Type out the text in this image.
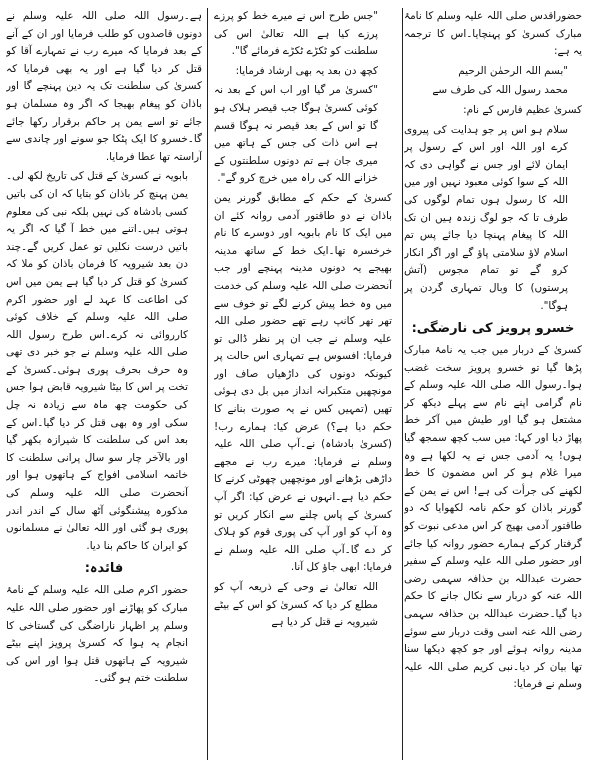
حضوراقدس صلی اللہ علیہ وسلم کا نامۂ مبارک کسریٰ کو پہنچایا۔اس کا ترجمہ یہ ہے:

"بسم اللہ الرحمٰن الرحیم

محمد رسول اللہ کی طرف سے

کسریٰ عظیم فارس کے نام:

سلام ہو اس پر جو ہدایت کی پیروی کرے اور اللہ اور اس کے رسول پر ایمان لائے اور جس نے گواہی دی کہ اللہ کے سوا کوئی معبود نہیں اور میں اللہ کا رسول ہوں تمام لوگوں کی طرف تا کہ جو لوگ زندہ ہیں ان تک اللہ کا پیغام پہنچا دیا جائے پس تم اسلام لاؤ سلامتی پاؤ گے اور اگر انکار کرو گے تو تمام مجوس (آتش پرستوں) کا وبال تمہاری گردن پر ہوگا".

خسرو پرویز کی نارضگی:

کسریٰ کے دربار میں جب یہ نامۂ مبارک پڑھا گیا تو خسرو پرویز سخت غضب ہوا۔رسول اللہ صلی اللہ علیہ وسلم کے نام گرامی اپنے نام سے پہلے دیکھ کر مشتعل ہو گیا اور طیش میں آکر خط پھاڑ دیا اور کہا: میں سب کچھ سمجھ گیا ہوں! یہ آدمی جس نے یہ لکھا ہے وہ میرا غلام ہو کر اس مضمون کا خط لکھنے کی جرأت کی ہے! اس نے یمن کے گورنر باذان کو حکم نامہ لکھوایا کہ دو طاقتور آدمی بھیج کر اس مدعی نبوت کو گرفتار کرکے ہمارے حضور روانہ کیا جائے اور حضور صلی اللہ علیہ وسلم کے سفیر حضرت عبداللہ بن حذافہ سہمی رضی اللہ عنہ کو دربار سے نکال جانے کا حکم دیا گیا۔حضرت عبداللہ بن حذافہ سہمی رضی اللہ عنہ اسی وقت دربار سے سوئے مدینہ روانہ ہوئے اور جو کچھ دیکھا سنا تھا بیان کر دیا۔نبی کریم صلی اللہ علیہ وسلم نے فرمایا:

"جس طرح اس نے میرے خط کو پرزے پرزے کیا ہے اللہ تعالیٰ اس کی سلطنت کو ٹکڑے ٹکڑے فرمائے گا".

کچھ دن بعد یہ بھی ارشاد فرمایا:

"کسریٰ مر گیا اور اب اس کے بعد نہ کوئی کسریٰ ہوگا جب قیصر ہلاک ہو گا تو اس کے بعد قیصر نہ ہوگا قسم ہے اس ذات کی جس کے ہاتھ میں میری جان ہے تم دونوں سلطنتوں کے خزانے اللہ کی راہ میں خرچ کرو گے".

کسریٰ کے حکم کے مطابق گورنر یمن باذان نے دو طاقتور آدمی روانہ کئے ان میں ایک کا نام بابویہ اور دوسرے کا نام خرخسرہ تھا۔ایک خط کے ساتھ مدینہ بھیجے یہ دونوں مدینہ پہنچے اور جب آنحضرت صلی اللہ علیہ وسلم کی خدمت میں وہ خط پیش کرنے لگے تو خوف سے تھر تھر کانپ رہے تھے حضور صلی اللہ علیہ وسلم نے جب ان پر نظر ڈالی تو فرمایا: افسوس ہے تمہاری اس حالت پر کیونکہ دونوں کی داڑھیاں صاف اور مونچھیں متکبرانہ انداز میں بل دی ہوئی تھیں (تمہیں کس نے یہ صورت بنانے کا حکم دیا ہے؟) عرض کیا: ہمارے رب! (کسریٰ بادشاہ) نے۔آپ صلی اللہ علیہ وسلم نے فرمایا: میرے رب نے مجھے داڑھی بڑھانے اور مونچھیں چھوٹی کرنے کا حکم دیا ہے۔انہوں نے عرض کیا: اگر آپ کسریٰ کے پاس چلنے سے انکار کریں تو وہ آپ کو اور آپ کی پوری قوم کو ہلاک کر دے گا۔آپ صلی اللہ علیہ وسلم نے فرمایا: ابھی جاؤ کل آنا.

اللہ تعالیٰ نے وحی کے ذریعہ آپ کو مطلع کر دیا کہ کسریٰ کو اس کے بیٹے شیرویہ نے قتل کر دیا ہے

ہے۔رسول اللہ صلی اللہ علیہ وسلم نے دونوں قاصدوں کو طلب فرمایا اور ان کے آنے کے بعد فرمایا کہ میرے رب نے تمہارے آقا کو قتل کر دیا گیا ہے اور یہ بھی فرمایا کہ کسریٰ کی سلطنت تک یہ دین پہنچے گا اور باذان کو پیغام بھیجا کہ اگر وہ مسلمان ہو جائے تو اسے یمن پر حاکم برقرار رکھا جائے گا۔خسرو کا ایک پٹکا جو سونے اور چاندی سے آراستہ تھا عطا فرمایا.

بابویہ نے کسریٰ کے قتل کی تاریخ لکھ لی۔یمن پہنچ کر باذان کو بتایا کہ ان کی باتیں کسی بادشاہ کی نہیں بلکہ نبی کی معلوم ہوتی ہیں۔اتنے میں خط آ گیا کہ اگر یہ باتیں درست نکلیں تو عمل کریں گے۔چند دن بعد شیرویہ کا فرمان باذان کو ملا کہ کسریٰ کو قتل کر دیا گیا ہے یمن میں اس کی اطاعت کا عہد لے اور حضور اکرم صلی اللہ علیہ وسلم کے خلاف کوئی کارروائی نہ کرے۔اس طرح رسول اللہ صلی اللہ علیہ وسلم نے جو خبر دی تھی وہ حرف بحرف پوری ہوئی۔کسریٰ کے تخت پر اس کا بیٹا شیرویہ قابض ہوا جس کی حکومت چھ ماہ سے زیادہ نہ چل سکی اور وہ بھی قتل کر دیا گیا۔اس کے بعد اس کی سلطنت کا شیرازہ بکھر گیا اور بالآخر چار سو سال پرانی سلطنت کا خاتمہ اسلامی افواج کے ہاتھوں ہوا اور آنحضرت صلی اللہ علیہ وسلم کی مذکورہ پیشنگوئی آٹھ سال کے اندر اندر پوری ہو گئی اور اللہ تعالیٰ نے مسلمانوں کو ایران کا حاکم بنا دیا.

فائدہ:

حضور اکرم صلی اللہ علیہ وسلم کے نامۂ مبارک کو پھاڑنے اور حضور صلی اللہ علیہ وسلم پر اظہار ناراضگی کی گستاخی کا انجام یہ ہوا کہ کسریٰ پرویز اپنے بیٹے شیرویہ کے ہاتھوں قتل ہوا اور اس کی سلطنت ختم ہو گئی۔
